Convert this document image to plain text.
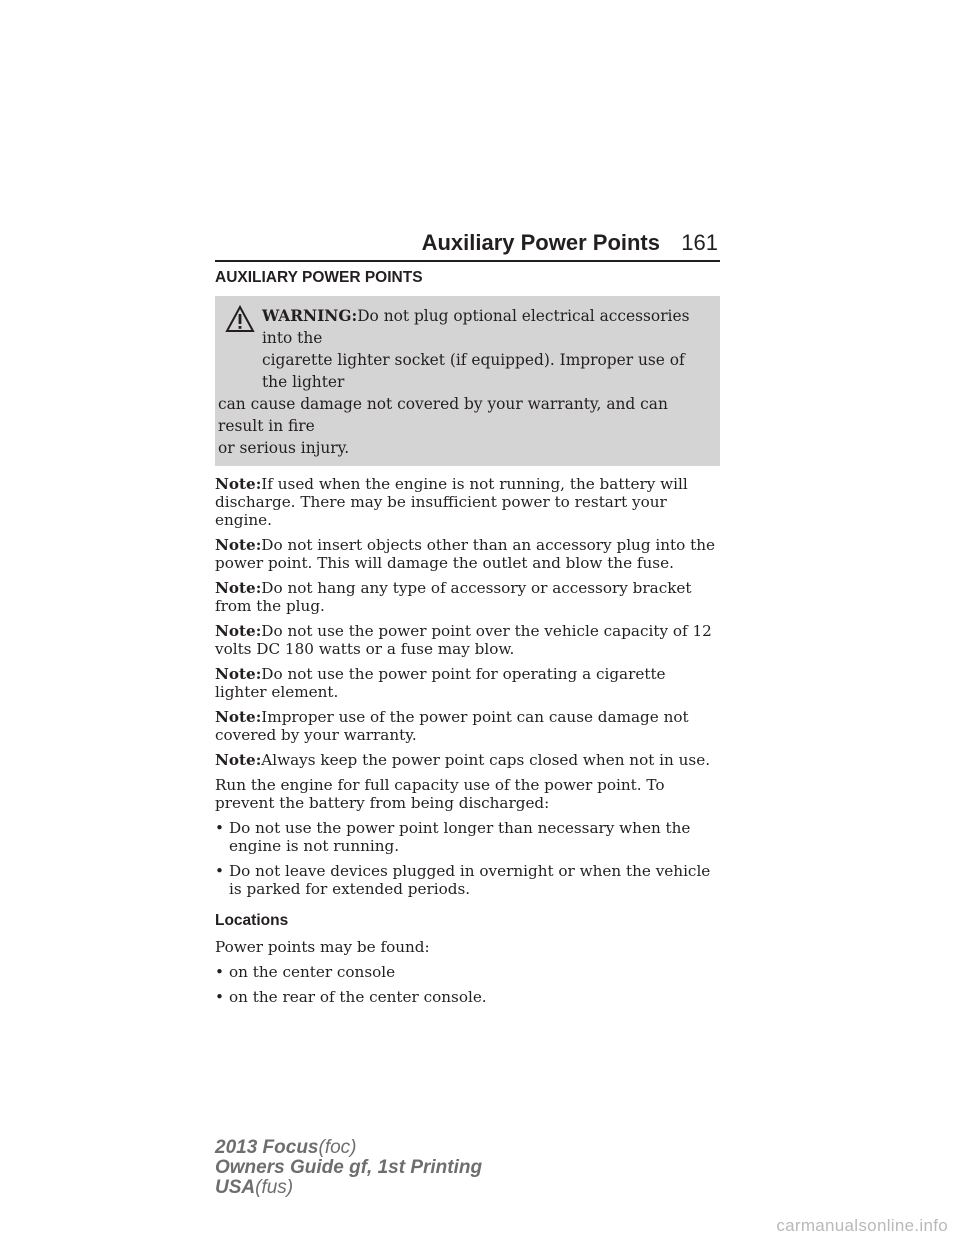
Auxiliary Power Points 161
AUXILIARY POWER POINTS
WARNING:Do not plug optional electrical accessories into the
cigarette lighter socket (if equipped). Improper use of the lighter
can cause damage not covered by your warranty, and can result in fire
or serious injury.
Note:If used when the engine is not running, the battery will discharge. There may be insufficient power to restart your engine.
Note:Do not insert objects other than an accessory plug into the power point. This will damage the outlet and blow the fuse.
Note:Do not hang any type of accessory or accessory bracket from the plug.
Note:Do not use the power point over the vehicle capacity of 12 volts DC 180 watts or a fuse may blow.
Note:Do not use the power point for operating a cigarette lighter element.
Note:Improper use of the power point can cause damage not covered by your warranty.
Note:Always keep the power point caps closed when not in use.
Run the engine for full capacity use of the power point. To prevent the battery from being discharged:
• Do not use the power point longer than necessary when the engine is not running.
• Do not leave devices plugged in overnight or when the vehicle is parked for extended periods.
Locations
Power points may be found:
• on the center console
• on the rear of the center console.
2013 Focus(foc)
Owners Guide gf, 1st Printing
USA(fus)
carmanualsonline.info
